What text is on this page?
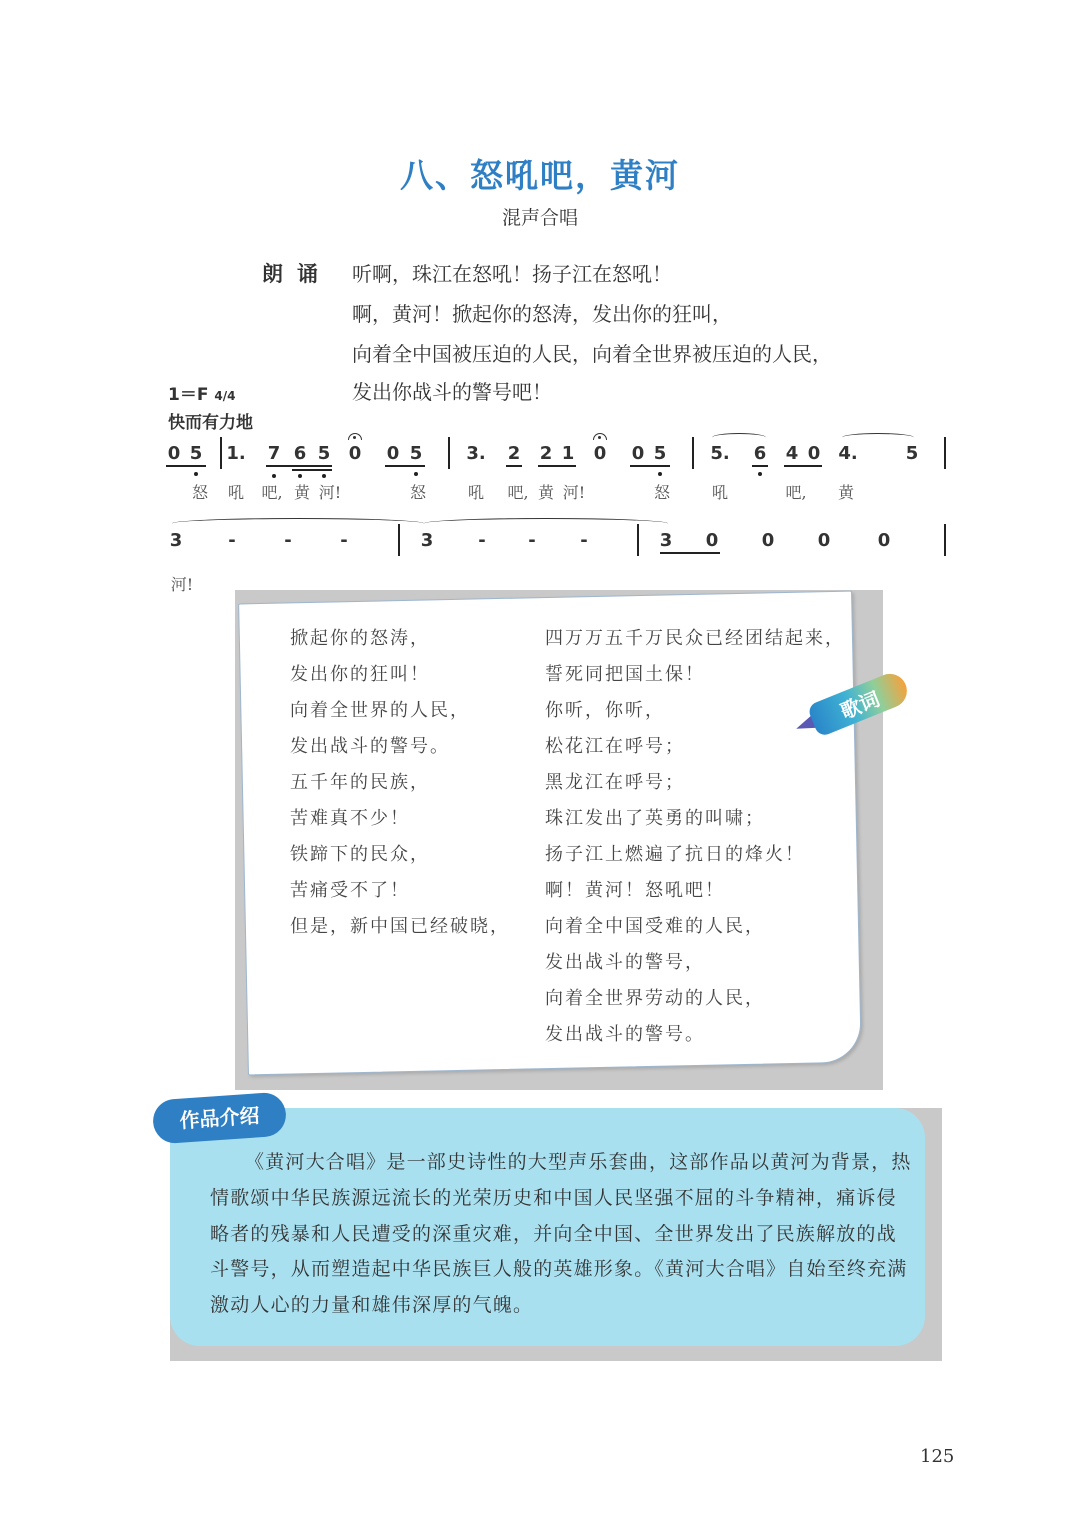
八、怒吼吧，黄河
混声合唱
朗诵 听啊，珠江在怒吼！扬子江在怒吼！
啊，黄河！掀起你的怒涛，发出你的狂叫，
向着全中国被压迫的人民，向着全世界被压迫的人民，
发出你战斗的警号吧！
1＝F 4/4
快而有力地
0 5 1. 7 6 5 0 0 5 3. 2 2 1 0 0 5 5. 6 4 0 4.	5
怒 吼 吧, 黄 河!	怒	吼 吧, 黄 河!	怒	吼	吧, 黄
3	-	-	-	3 - - -	3 0 0 0	0
河!
掀起你的怒涛，
发出你的狂叫！
向着全世界的人民，
发出战斗的警号。
五千年的民族，
苦难真不少！
铁蹄下的民众，
苦痛受不了！
但是，新中国已经破晓，
四万万五千万民众已经团结起来，
誓死同把国土保！
你听，你听，
松花江在呼号；
黑龙江在呼号；
珠江发出了英勇的叫啸；
扬子江上燃遍了抗日的烽火！
啊！黄河！怒吼吧！
向着全中国受难的人民，
发出战斗的警号，
向着全世界劳动的人民，
发出战斗的警号。
歌词
作品介绍
《黄河大合唱》是一部史诗性的大型声乐套曲，这部作品以黄河为背景，热
情歌颂中华民族源远流长的光荣历史和中国人民坚强不屈的斗争精神，痛诉侵
略者的残暴和人民遭受的深重灾难，并向全中国、全世界发出了民族解放的战
斗警号，从而塑造起中华民族巨人般的英雄形象。《黄河大合唱》自始至终充满
激动人心的力量和雄伟深厚的气魄。
125
